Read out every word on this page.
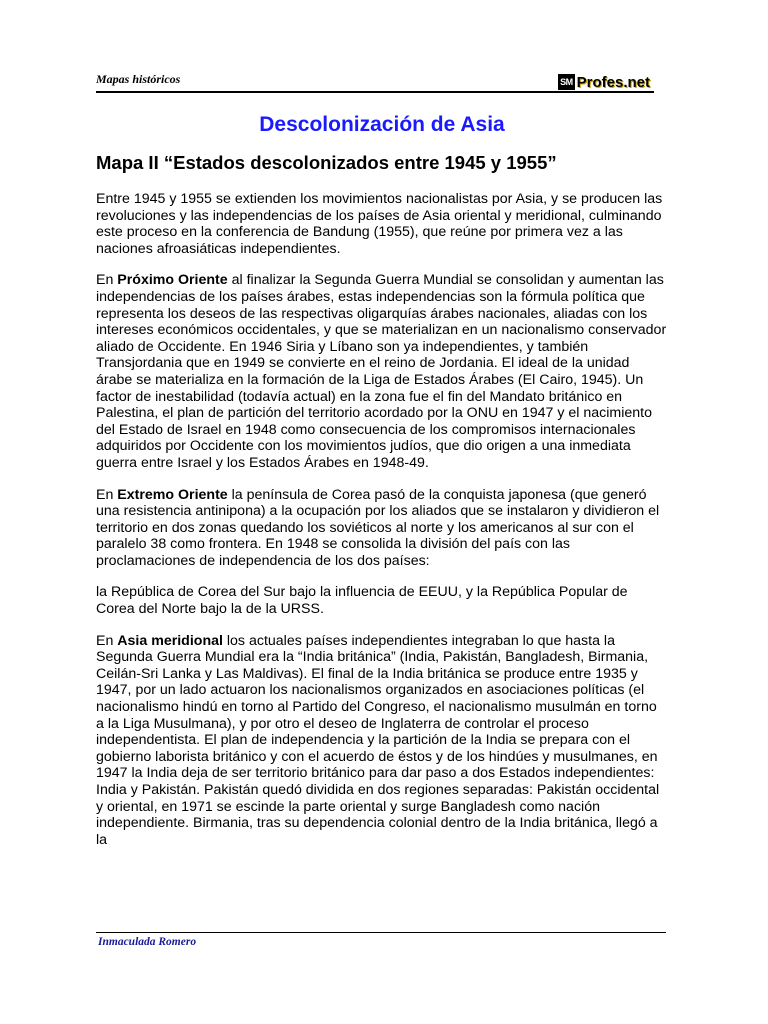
Mapas históricos	SM Profes.net
Descolonización de Asia
Mapa II “Estados descolonizados entre 1945 y 1955”

Entre 1945 y 1955 se extienden los movimientos nacionalistas por Asia, y se producen las revoluciones y las independencias de los países de Asia oriental y meridional, culminando este proceso en la conferencia de Bandung (1955), que reúne por primera vez a las naciones afroasiáticas independientes.

En Próximo Oriente al finalizar la Segunda Guerra Mundial se consolidan y aumentan las independencias de los países árabes, estas independencias son la fórmula política que representa los deseos de las respectivas oligarquías árabes nacionales, aliadas con los intereses económicos occidentales, y que se materializan en un nacionalismo conservador aliado de Occidente. En 1946 Siria y Líbano son ya independientes, y también Transjordania que en 1949 se convierte en el reino de Jordania. El ideal de la unidad árabe se materializa en la formación de la Liga de Estados Árabes (El Cairo, 1945). Un factor de inestabilidad (todavía actual) en la zona fue el fin del Mandato británico en Palestina, el plan de partición del territorio acordado por la ONU en 1947 y el nacimiento del Estado de Israel en 1948 como consecuencia de los compromisos internacionales adquiridos por Occidente con los movimientos judíos, que dio origen a una inmediata guerra entre Israel y los Estados Árabes en 1948-49.

En Extremo Oriente la península de Corea pasó de la conquista japonesa (que generó una resistencia antinipona) a la ocupación por los aliados que se instalaron y dividieron el territorio en dos zonas quedando los soviéticos al norte y los americanos al sur con el paralelo 38 como frontera. En 1948 se consolida la división del país con las proclamaciones de independencia de los dos países:

la República de Corea del Sur bajo la influencia de EEUU, y la República Popular de Corea del Norte bajo la de la URSS.

En Asia meridional los actuales países independientes integraban lo que hasta la Segunda Guerra Mundial era la “India británica” (India, Pakistán, Bangladesh, Birmania, Ceilán-Sri Lanka y Las Maldivas). El final de la India británica se produce entre 1935 y 1947, por un lado actuaron los nacionalismos organizados en asociaciones políticas (el nacionalismo hindú en torno al Partido del Congreso, el nacionalismo musulmán en torno a la Liga Musulmana), y por otro el deseo de Inglaterra de controlar el proceso independentista. El plan de independencia y la partición de la India se prepara con el gobierno laborista británico y con el acuerdo de éstos y de los hindúes y musulmanes, en 1947 la India deja de ser territorio británico para dar paso a dos Estados independientes: India y Pakistán. Pakistán quedó dividida en dos regiones separadas: Pakistán occidental y oriental, en 1971 se escinde la parte oriental y surge Bangladesh como nación independiente. Birmania, tras su dependencia colonial dentro de la India británica, llegó a la

Inmaculada Romero
